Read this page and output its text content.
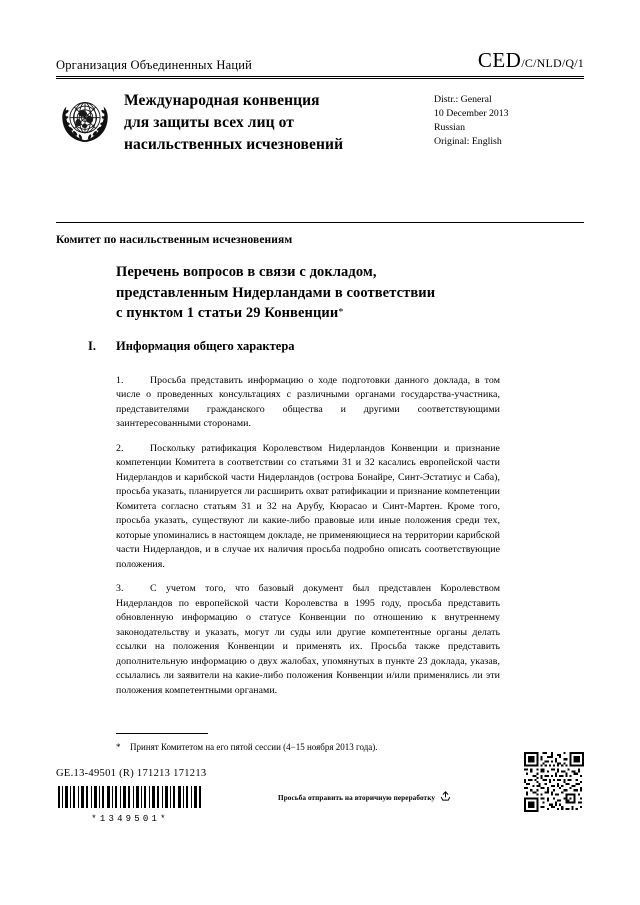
Организация Объединенных Наций	CED/C/NLD/Q/1
Международная конвенция
для защиты всех лиц от
насильственных исчезновений
Distr.: General
10 December 2013
Russian
Original: English
Комитет по насильственным исчезновениям
Перечень вопросов в связи с докладом,
представленным Нидерландами в соответствии
с пунктом 1 статьи 29 Конвенции*
I.	Информация общего характера

1.	Просьба представить информацию о ходе подготовки данного доклада, в том числе о проведенных консультациях с различными органами государства-участника, представителями гражданского общества и другими соответствующими заинтересованными сторонами.

2.	Поскольку ратификация Королевством Нидерландов Конвенции и признание компетенции Комитета в соответствии со статьями 31 и 32 касались европейской части Нидерландов и карибской части Нидерландов (острова Бонайре, Синт-Эстатиус и Саба), просьба указать, планируется ли расширить охват ратификации и признание компетенции Комитета согласно статьям 31 и 32 на Арубу, Кюрасао и Синт-Мартен. Кроме того, просьба указать, существуют ли какие-либо правовые или иные положения среди тех, которые упоминались в настоящем докладе, не применяющиеся на территории карибской части Нидерландов, и в случае их наличия просьба подробно описать соответствующие положения.

3.	С учетом того, что базовый документ был представлен Королевством Нидерландов по европейской части Королевства в 1995 году, просьба представить обновленную информацию о статусе Конвенции по отношению к внутреннему законодательству и указать, могут ли суды или другие компетентные органы делать ссылки на положения Конвенции и применять их. Просьба также представить дополнительную информацию о двух жалобах, упомянутых в пункте 23 доклада, указав, ссылались ли заявители на какие-либо положения Конвенции и/или применялись ли эти положения компетентными органами.

* Принят Комитетом на его пятой сессии (4−15 ноября 2013 года).
GE.13-49501 (R) 171213 171213
*1349501*
Просьба отправить на вторичную переработку
